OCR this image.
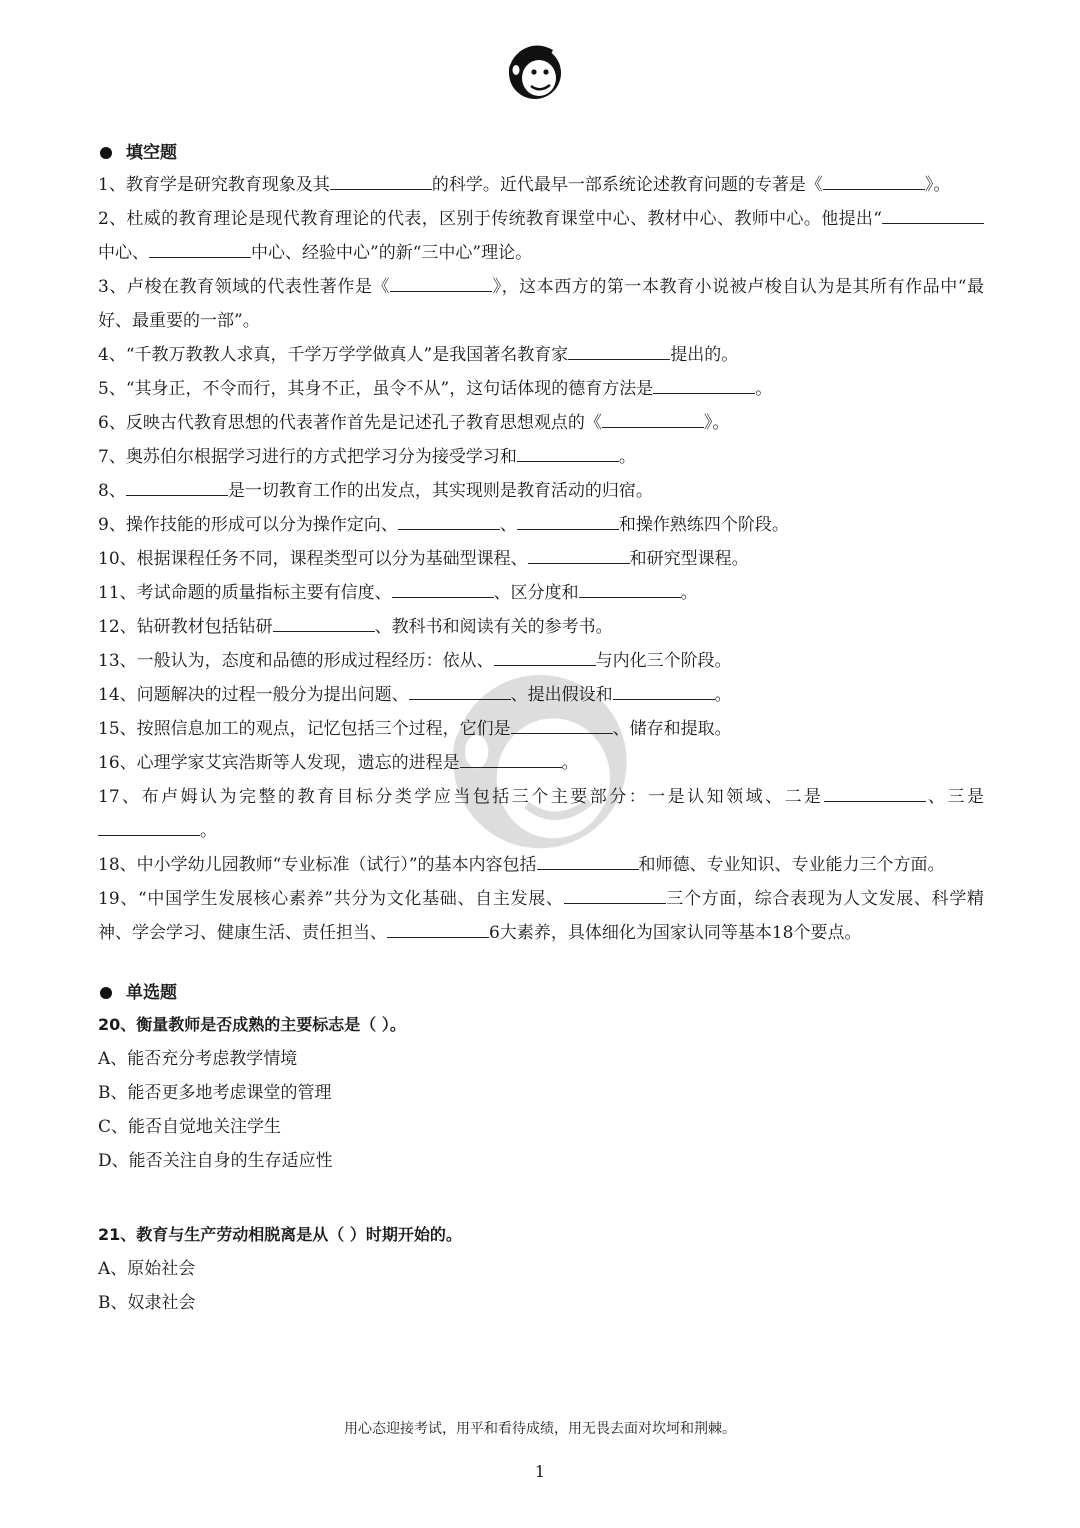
填空题
1、教育学是研究教育现象及其	的科学。近代最早一部系统论述教育问题的专著是《	》。
2、杜威的教育理论是现代教育理论的代表，区别于传统教育课堂中心、教材中心、教师中心。他提出“中心、	中心、经验中心”的新“三中心”理论。
3、卢梭在教育领域的代表性著作是《	》，这本西方的第一本教育小说被卢梭自认为是其所有作品中“最好、最重要的一部”。
4、“千教万教教人求真，千学万学学做真人”是我国著名教育家	提出的。
5、“其身正，不令而行，其身不正，虽令不从”，这句话体现的德育方法是	。
6、反映古代教育思想的代表著作首先是记述孔子教育思想观点的《	》。
7、奥苏伯尔根据学习进行的方式把学习分为接受学习和	。
8、	是一切教育工作的出发点，其实现则是教育活动的归宿。
9、操作技能的形成可以分为操作定向、	、	和操作熟练四个阶段。
10、根据课程任务不同，课程类型可以分为基础型课程、	和研究型课程。
11、考试命题的质量指标主要有信度、	、区分度和	。
12、钻研教材包括钻研	、教科书和阅读有关的参考书。
13、一般认为，态度和品德的形成过程经历：依从、	与内化三个阶段。
14、问题解决的过程一般分为提出问题、	、提出假设和	。
15、按照信息加工的观点，记忆包括三个过程，它们是	、储存和提取。
16、心理学家艾宾浩斯等人发现，遗忘的进程是	。
17、布卢姆认为完整的教育目标分类学应当包括三个主要部分：一是认知领域、二是	、三是。
18、中小学幼儿园教师“专业标准（试行）”的基本内容包括	和师德、专业知识、专业能力三个方面。
19、“中国学生发展核心素养”共分为文化基础、自主发展、	三个方面，综合表现为人文发展、科学精神、学会学习、健康生活、责任担当、	6大素养，具体细化为国家认同等基本18个要点。
单选题
20、衡量教师是否成熟的主要标志是（ ）。
A、能否充分考虑教学情境
B、能否更多地考虑课堂的管理
C、能否自觉地关注学生
D、能否关注自身的生存适应性
21、教育与生产劳动相脱离是从（ ）时期开始的。
A、原始社会
B、奴隶社会
用心态迎接考试，用平和看待成绩，用无畏去面对坎坷和荆棘。
1
